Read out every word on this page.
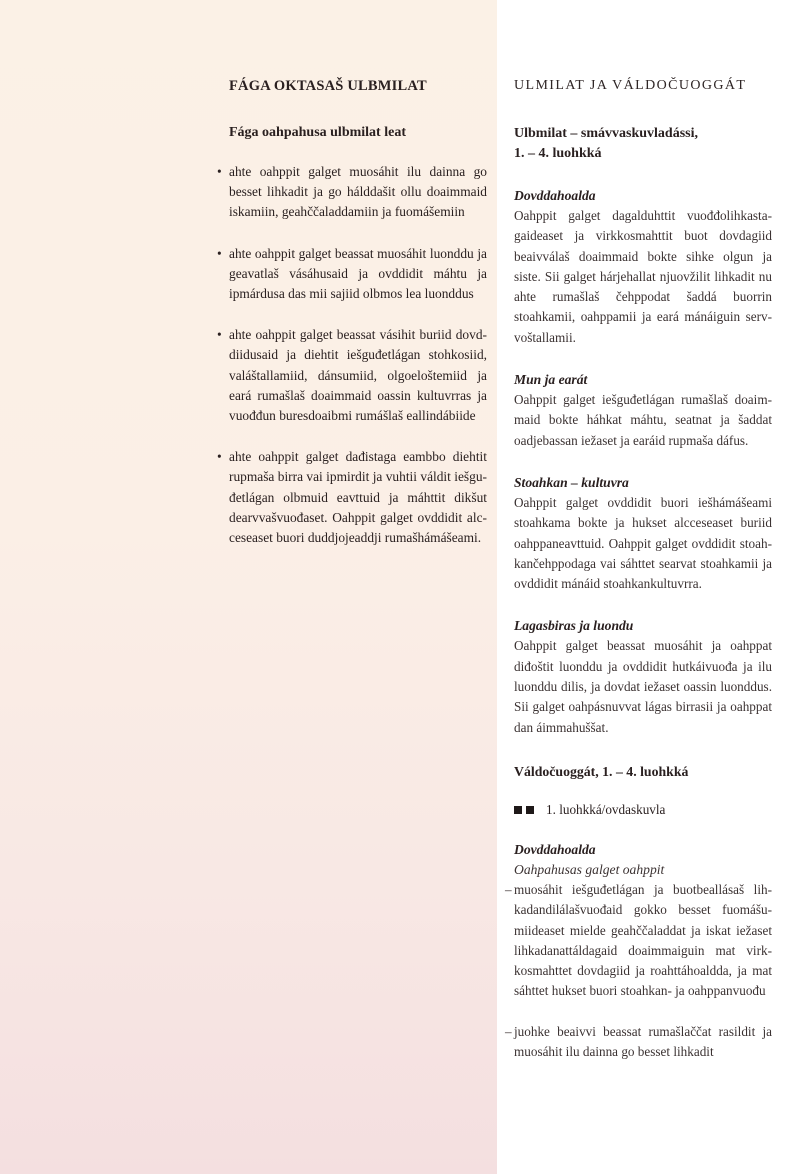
FÁGA OKTASAŠ ULBMILAT
Fága oahpahusa ulbmilat leat
• ahte oahppit galget muosáhit ilu dainna go besset lihkadit ja go hálddašit ollu doaimmaid iskamiin, geahččaladdamiin ja fuomášemiin
• ahte oahppit galget beassat muosáhit luonddu ja geavatlaš vásáhusaid ja ovddidit máhtu ja ipmárdusa das mii sajiid olbmos lea luonddus
• ahte oahppit galget beassat vásihit buriid dovddiidusaid ja diehtit iešguđetlágan stohkosiid, valáštallamiid, dánsumiid, olgoeloštemiid ja eará rumašlaš doaimmaid oassin kultuvrras ja vuođđun buresdoaibmi rumášlaš eallindábiide
• ahte oahppit galget dađistaga eambbo diehtit rupmaša birra vai ipmirdit ja vuhtii váldit iešguđetlágan olbmuid eavttuid ja máhttit dikšut dearvvašvuođaset. Oahppit galget ovddidit alcceseaset buori duddjojeaddji rumašhámášeami.
ULMILAT JA VÁLDOČUOGGÁT
Ulbmilat – smávvaskuvladássi,
1. – 4. luohkká

Dovddahoalda

Oahppit galget dagalduhttit vuođđolihkastagaideaset ja virkkosmahttit buot dovdagiid beaivválaš doaimmaid bokte sihke olgun ja siste. Sii galget hárjehallat njuovžilit lihkadit nu ahte rumašlaš čehppodat šaddá buorrin stoahkamii, oahppamii ja eará mánáiguin servvoštallamii.

Mun ja earát

Oahppit galget iešguđetlágan rumašlaš doaimmaid bokte háhkat máhtu, seatnat ja šaddat oadjebassan iežaset ja earáid rupmaša dáfus.

Stoahkan – kultuvra

Oahppit galget ovddidit buori iešhámášeami stoahkama bokte ja hukset alcceseaset buriid oahppaneavttuid. Oahppit galget ovddidit stoahkančehppodaga vai sáhttet searvat stoahkamii ja ovddidit mánáid stoahkankultuvrra.

Lagasbiras ja luondu

Oahppit galget beassat muosáhit ja oahppat diđoštit luonddu ja ovddidit hutkáivuođa ja ilu luonddu dilis, ja dovdat iežaset oassin luonddus. Sii galget oahpásnuvvat lágas birrasii ja oahppat dan áimmahuššat.

Váldočuoggát, 1. – 4. luohkká
1. luohkká/ovdaskuvla

Dovddahoalda

Oahpahusas galget oahppit

– muosáhit iešguđetlágan ja buotbeallásaš lihkadandilálašvuođaid gokko besset fuomášumiideaset mielde geahččaladdat ja iskat iežaset lihkadanattáldagaid doaimmaiguin mat virkkosmahttet dovdagiid ja roahttáhoaldda, ja mat sáhttet hukset buori stoahkan- ja oahppanvuođu
– juohke beaivvi beassat rumašlaččat rasildit ja muosáhit ilu dainna go besset lihkadit
